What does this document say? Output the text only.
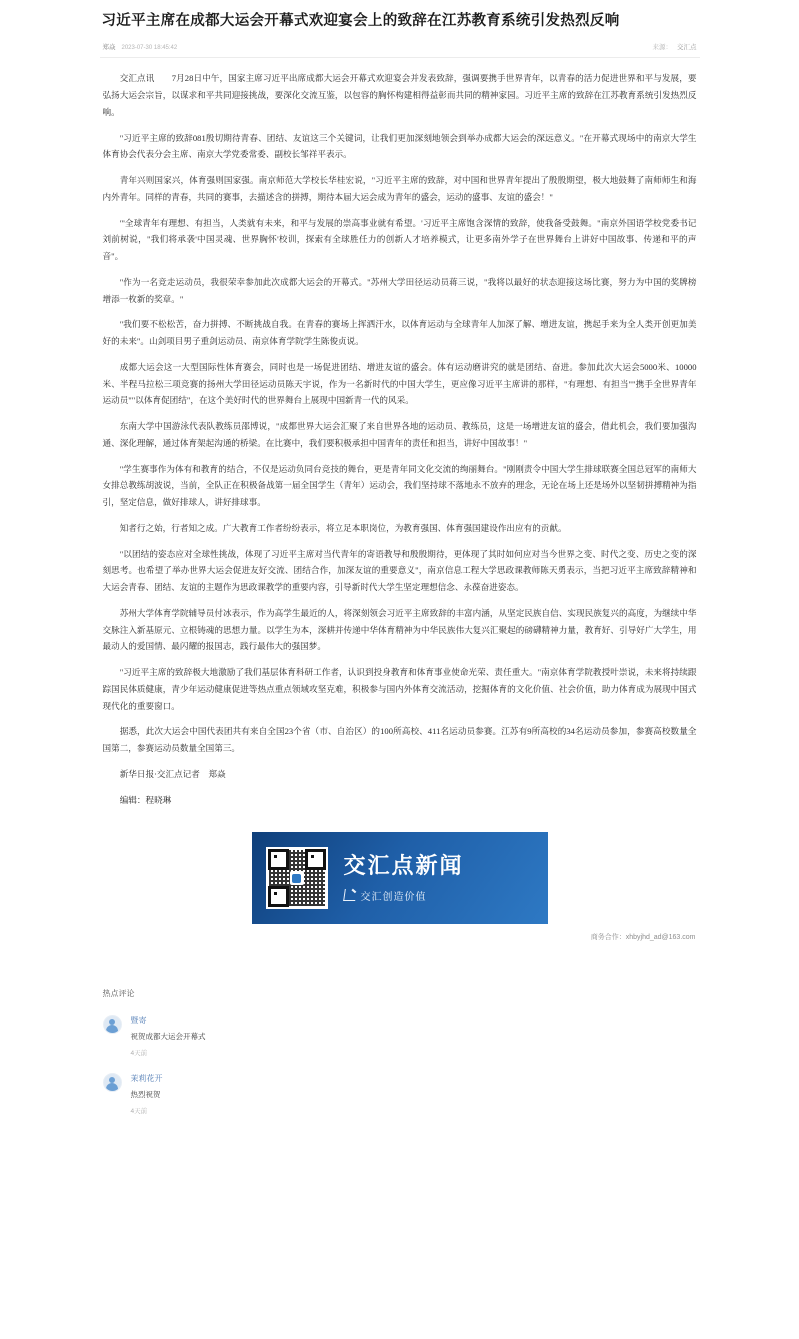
习近平主席在成都大运会开幕式欢迎宴会上的致辞在江苏教育系统引发热烈反响
郑焱 2023-07-30 18:45:42	来源： 交汇点

交汇点讯　　7月28日中午，国家主席习近平出席成都大运会开幕式欢迎宴会并发表致辞，强调要携手世界青年，以青春的活力促进世界和平与发展，要弘扬大运会宗旨，以谋求和平共同迎接挑战，要深化交流互鉴，以包容的胸怀构建相得益彰而共同的精神家园。习近平主席的致辞在江苏教育系统引发热烈反响。

"习近平主席的致辞081殷切期待青春、团结、友谊这三个关键词，让我们更加深刻地领会到举办成都大运会的深远意义。"在开幕式现场中的南京大学生体育协会代表分会主席、南京大学党委常委、副校长邹祥平表示。

青年兴则国家兴，体育强则国家强。南京师范大学校长华桂宏说，"习近平主席的致辞，对中国和世界青年提出了殷殷期望，极大地鼓舞了南师师生和海内外青年。同样的青春，共同的赛事，去描述含的拼搏，期待本届大运会成为青年的盛会，运动的盛事、友谊的盛会！"

"'全球青年有理想、有担当，人类就有未来，和平与发展的崇高事业就有希望。'习近平主席饱含深情的致辞，使我备受鼓舞。"南京外国语学校党委书记刘前树说，"我们将承袭'中国灵魂、世界胸怀'校训，探索有全球胜任力的创新人才培养模式，让更多南外学子在世界舞台上讲好中国故事、传递和平的声音"。

"作为一名竞走运动员，我很荣幸参加此次成都大运会的开幕式。"苏州大学田径运动员蒋三说，"我将以最好的状态迎接这场比赛，努力为中国的奖牌榜增添一枚新的奖章。"

"我们要不松松苦，奋力拼搏、不断挑战自我。在青春的赛场上挥洒汗水，以体育运动与全球青年人加深了解、增进友谊，携起手来为全人类开创更加美好的未来"。山剑项目男子重剑运动员、南京体育学院学生陈俊贞说。

成都大运会这一大型国际性体育赛会，同时也是一场促进团结、增进友谊的盛会。体有运动磨讲究的就是团结、奋进。参加此次大运会5000米、10000米、半程马拉松三项竞赛的扬州大学田径运动员陈天宇说，作为一名新时代的中国大学生，更应像习近平主席讲的那样，"有理想、有担当""携手全世界青年运动员""以体育促团结"，在这个美好时代的世界舞台上展现中国新青一代的风采。

东南大学中国游泳代表队教练员邵博说，"成都世界大运会汇聚了来自世界各地的运动员、教练员，这是一场增进友谊的盛会，借此机会，我们要加强沟通、深化理解，通过体育架起沟通的桥梁。在比赛中，我们要积极承担中国青年的责任和担当，讲好中国故事！"

"学生赛事作为体有和教育的结合，不仅是运动负同台竞技的舞台，更是青年同文化交流的绚丽舞台。"刚刚责令中国大学生排球联赛全国总冠军的南师大女排总教练胡波说，当前，全队正在积极备战第一届全国学生（青年）运动会，我们坚持球不落地永不放弃的理念，无论在场上还是场外以坚韧拼搏精神为指引，坚定信息，做好排球人，讲好排球事。

知者行之始，行者知之成。广大教育工作者纷纷表示，将立足本职岗位，为教育强国、体育强国建设作出应有的贡献。

"以团结的姿态应对全球性挑战，体现了习近平主席对当代青年的寄语教导和殷殷期待，更体现了其时如何应对当今世界之变、时代之变、历史之变的深刻思考。也希望了举办世界大运会促进友好交流、团结合作，加深友谊的重要意义"，南京信息工程大学思政课教师陈天勇表示，当把习近平主席致辞精神和大运会青春、团结、友谊的主题作为思政课教学的重要内容，引导新时代大学生坚定理想信念、永葆奋进姿态。

苏州大学体育学院辅导员付冰表示，作为高学生最近的人，将深刻领会习近平主席致辞的丰富内涵，从坚定民族自信、实现民族复兴的高度，为继续中华交脉注入新基原元、立根铸魂的思想力量。以学生为本，深耕并传递中华体育精神为中华民族伟大复兴汇聚起的磅礴精神力量，教育好、引导好广大学生，用最动人的爱国情、最闪耀的报国志，践行最伟大的强国梦。

"习近平主席的致辞极大地激励了我们基层体育科研工作者，认识到投身教育和体育事业使命光荣、责任重大。"南京体育学院教授叶崇说，未来将持续跟踪国民体质健康，青少年运动健康促进等热点重点领域攻坚克难，积极参与国内外体育交流活动，挖掘体育的文化价值、社会价值，助力体育成为展现中国式现代化的重要窗口。

据悉，此次大运会中国代表团共有来自全国23个省（市、自治区）的100所高校、411名运动员参赛。江苏有9所高校的34名运动员参加，参赛高校数量全国第二，参赛运动员数量全国第三。

新华日报·交汇点记者　郑焱

编辑：程晓琳

交汇点新闻
交汇创造价值
商务合作：xhbyjhd_ad@163.com
热点评论
暨寄
祝贺成都大运会开幕式
4天前
茉莉花开
热烈祝贺
4天前
